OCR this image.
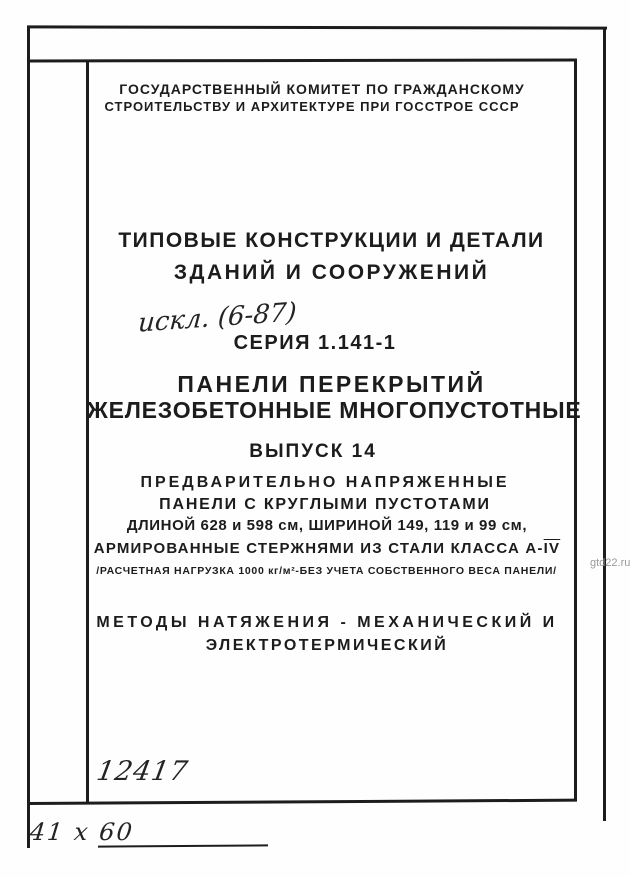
ГОСУДАРСТВЕННЫЙ КОМИТЕТ ПО ГРАЖДАНСКОМУ
СТРОИТЕЛЬСТВУ И АРХИТЕКТУРЕ ПРИ ГОССТРОЕ СССР
ТИПОВЫЕ КОНСТРУКЦИИ И ДЕТАЛИ
ЗДАНИЙ И СООРУЖЕНИЙ
искл. (6-87)
СЕРИЯ 1.141-1
ПАНЕЛИ ПЕРЕКРЫТИЙ
ЖЕЛЕЗОБЕТОННЫЕ МНОГОПУСТОТНЫЕ
ВЫПУСК 14
ПРЕДВАРИТЕЛЬНО НАПРЯЖЕННЫЕ
ПАНЕЛИ С КРУГЛЫМИ ПУСТОТАМИ
ДЛИНОЙ 628 и 598 см, ШИРИНОЙ 149, 119 и 99 см,
АРМИРОВАННЫЕ СТЕРЖНЯМИ ИЗ СТАЛИ КЛАССА $А-\overline{IV}$
/РАСЧЕТНАЯ НАГРУЗКА 1000 кг/м²-БЕЗ УЧЕТА СОБСТВЕННОГО ВЕСА ПАНЕЛИ/
МЕТОДЫ НАТЯЖЕНИЯ - МЕХАНИЧЕСКИЙ И
ЭЛЕКТРОТЕРМИЧЕСКИЙ
12417
41 х 60
gtd22.ru
